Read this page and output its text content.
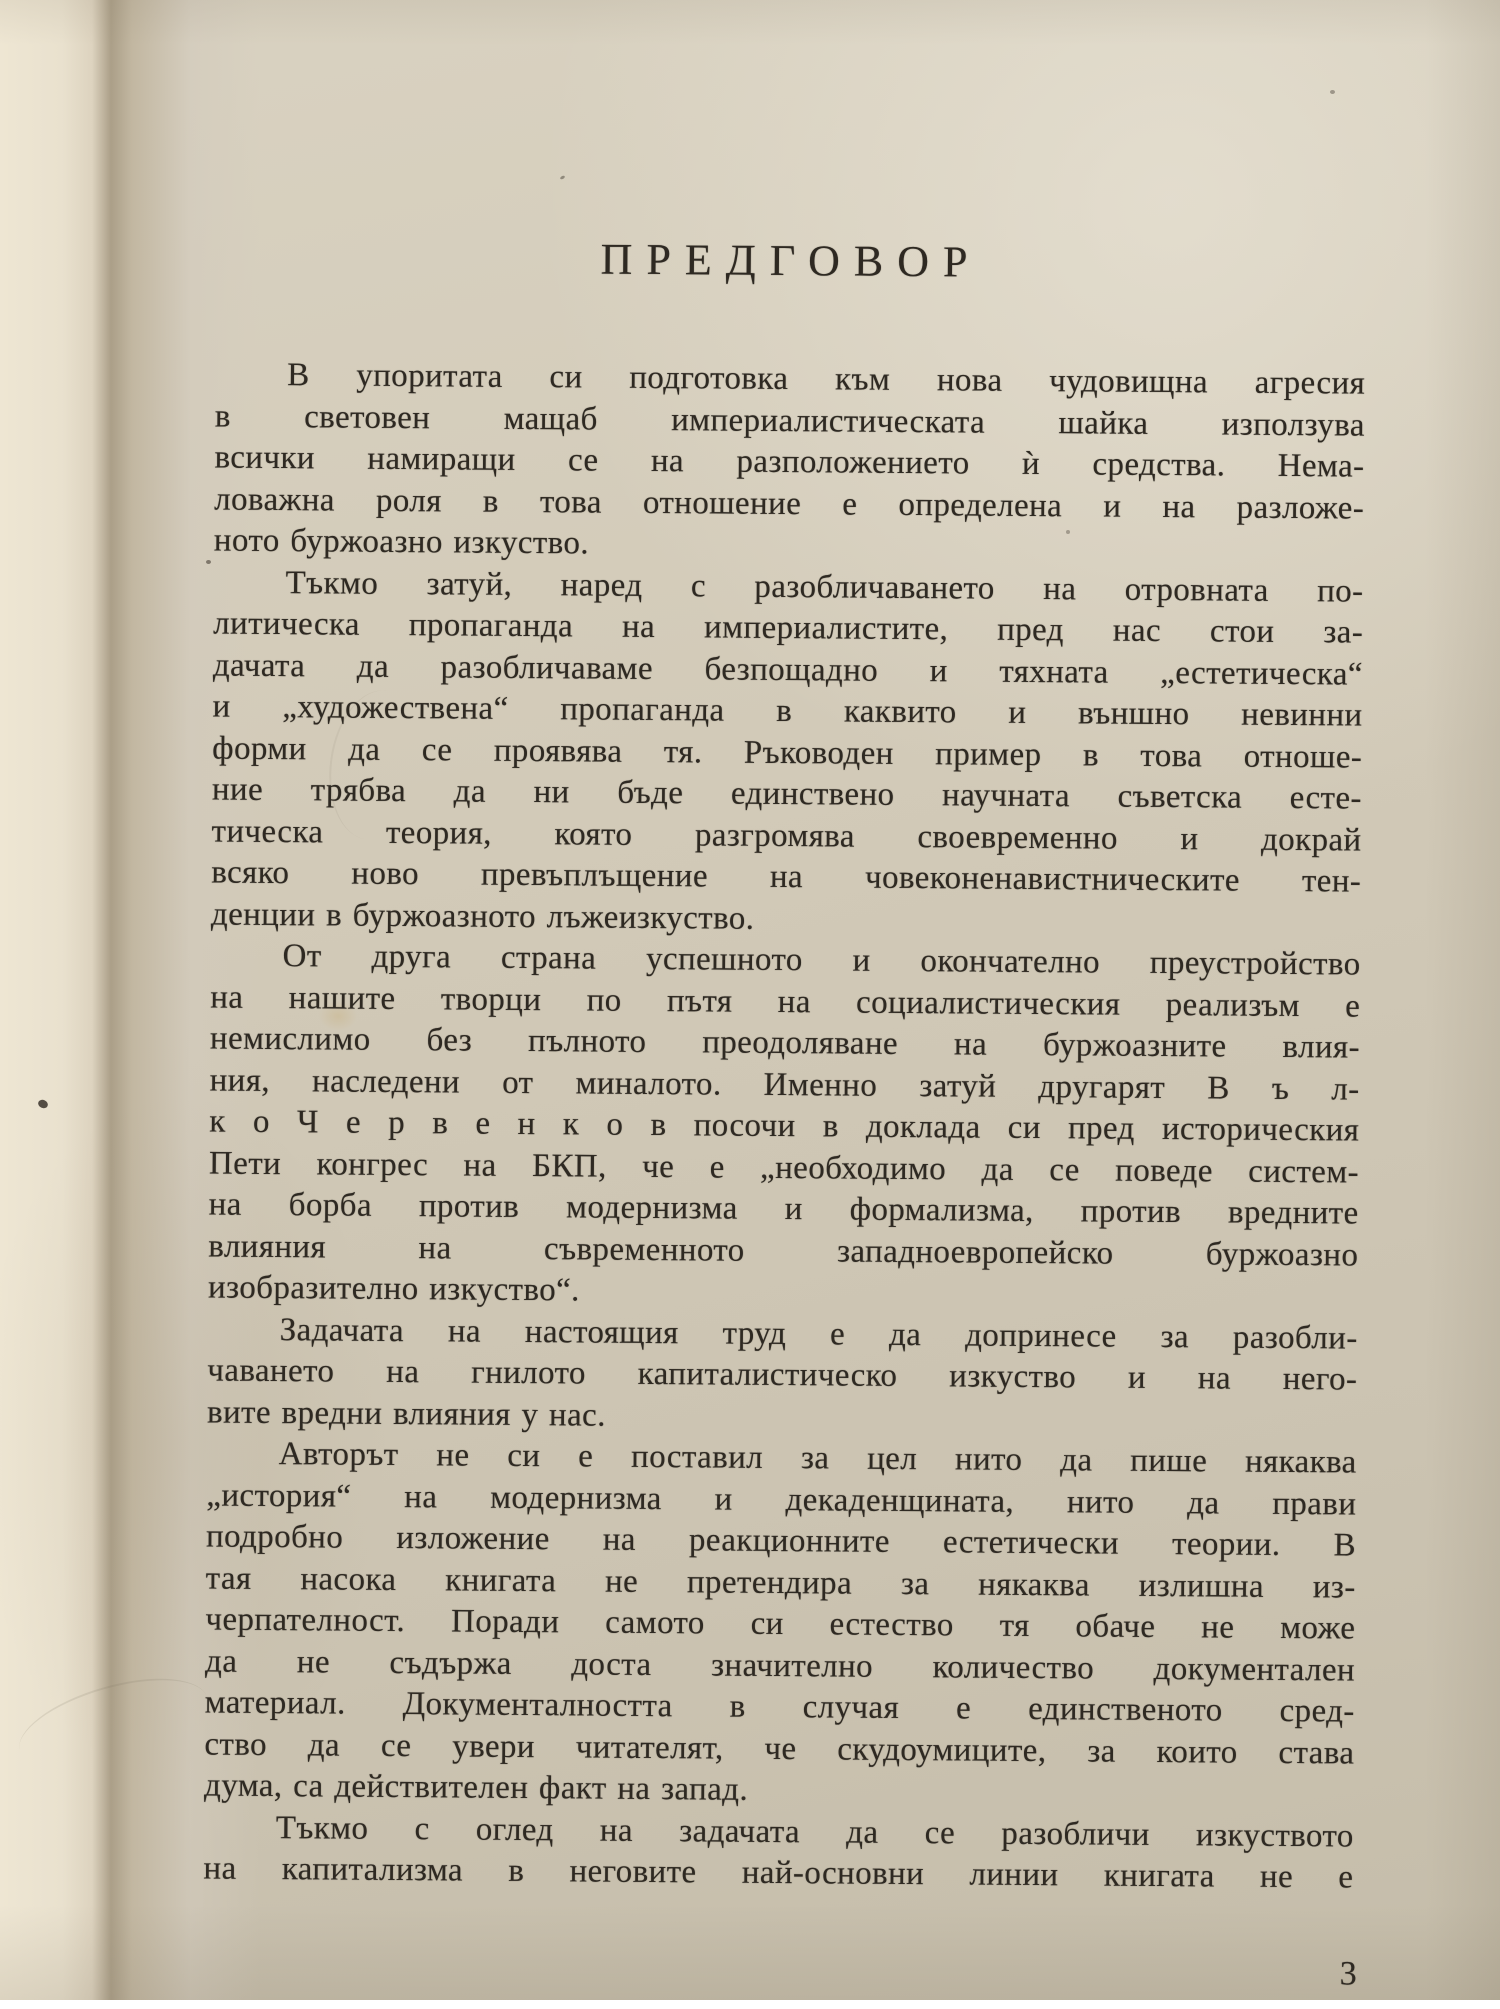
ПРЕДГОВОР
В упоритата си подготовка към нова чудовищна агресия
в световен мащаб империалистическата шайка използува
всички намиращи се на разположението ѝ средства. Нема-
ловажна роля в това отношение е определена и на разложе-
ното буржоазно изкуство.
Тъкмо затуй, наред с разобличаването на отровната по-
литическа пропаганда на империалистите, пред нас стои за-
дачата да разобличаваме безпощадно и тяхната „естетическа“
и „художествена“ пропаганда в каквито и външно невинни
форми да се проявява тя. Ръководен пример в това отноше-
ние трябва да ни бъде единствено научната съветска есте-
тическа теория, която разгромява своевременно и докрай
всяко ново превъплъщение на човеконенавистническите тен-
денции в буржоазното лъжеизкуство.
От друга страна успешното и окончателно преустройство
на нашите творци по пътя на социалистическия реализъм е
немислимо без пълното преодоляване на буржоазните влия-
ния, наследени от миналото. Именно затуй другарят В ъ л-
к о Ч е р в е н к о в посочи в доклада си пред историческия
Пети конгрес на БКП, че е „необходимо да се поведе систем-
на борба против модернизма и формализма, против вредните
влияния на съвременното западноевропейско буржоазно
изобразително изкуство“.
Задачата на настоящия труд е да допринесе за разобли-
чаването на гнилото капиталистическо изкуство и на него-
вите вредни влияния у нас.
Авторът не си е поставил за цел нито да пише някаква
„история“ на модернизма и декаденщината, нито да прави
подробно изложение на реакционните естетически теории. В
тая насока книгата не претендира за някаква излишна из-
черпателност. Поради самото си естество тя обаче не може
да не съдържа доста значително количество документален
материал. Документалността в случая е единственото сред-
ство да се увери читателят, че скудоумиците, за които става
дума, са действителен факт на запад.
Тъкмо с оглед на задачата да се разобличи изкуството
на капитализма в неговите най-основни линии книгата не е
3
